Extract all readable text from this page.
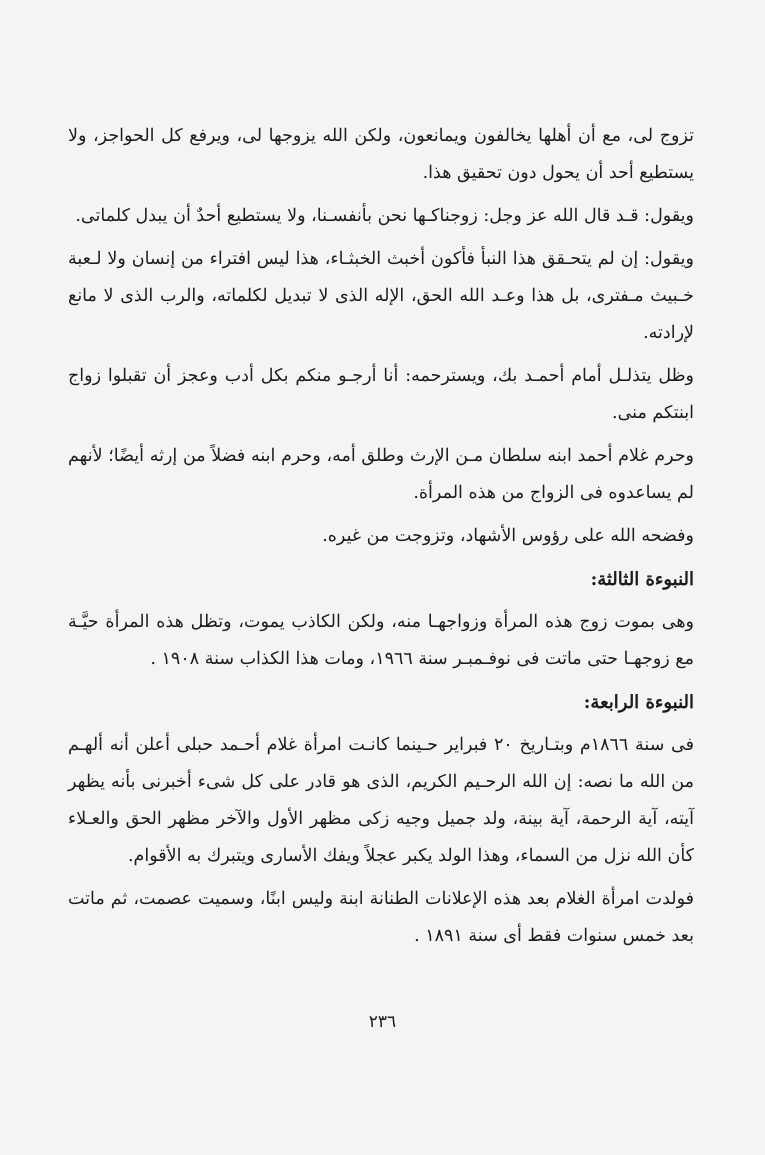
تزوج لى، مع أن أهلها يخالفون ويمانعون، ولكن الله يزوجها لى، ويرفع كل الحواجز، ولا يستطيع أحد أن يحول دون تحقيق هذا.

ويقول: قـد قال الله عز وجل: زوجناكـها نحن بأنفسـنا، ولا يستطيع أحدٌ أن يبدل كلماتى.

ويقول: إن لم يتحـقق هذا النبأ فأكون أخبث الخبثـاء، هذا ليس افتراء من إنسان ولا لـعبة خـبيث مـفترى، بل هذا وعـد الله الحق، الإله الذى لا تبديل لكلماته، والرب الذى لا مانع لإرادته.

وظل يتذلـل أمام أحمـد بك، ويسترحمه: أنا أرجـو منكم بكل أدب وعجز أن تقبلوا زواج ابنتكم منى.

وحرم غلام أحمد ابنه سلطان مـن الإرث وطلق أمه، وحرم ابنه فضلاً من إرثه أيضًا؛ لأنهم لم يساعدوه فى الزواج من هذه المرأة.

وفضحه الله على رؤوس الأشهاد، وتزوجت من غيره.

النبوءة الثالثة:

وهى بموت زوج هذه المرأة وزواجهـا منه، ولكن الكاذب يموت، وتظل هذه المرأة حيَّـة مع زوجهـا حتى ماتت فى نوفـمبـر سنة ١٩٦٦، ومات هذا الكذاب سنة ١٩٠٨ .

النبوءة الرابعة:

فى سنة ١٨٦٦م وبتـاريخ ٢٠ فبراير حـينما كانـت امرأة غلام أحـمد حبلى أعلن أنه ألهـم من الله ما نصه: إن الله الرحـيم الكريم، الذى هو قادر على كل شىء أخبرنى بأنه يظهر آيته، آية الرحمة، آية بينة، ولد جميل وجيه زكى مظهر الأول والآخر مظهر الحق والعـلاء كأن الله نزل من السماء، وهذا الولد يكبر عجلاً ويفك الأسارى ويتبرك به الأقوام.

فولدت امرأة الغلام بعد هذه الإعلانات الطنانة ابنة وليس ابنًا، وسميت عصمت، ثم ماتت بعد خمس سنوات فقط أى سنة ١٨٩١ .

٢٣٦
